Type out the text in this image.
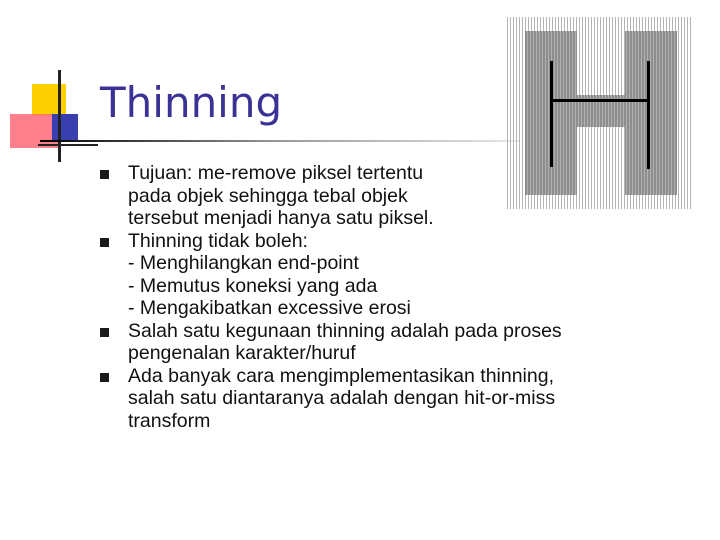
Thinning
Tujuan: me-remove piksel tertentu
pada objek sehingga tebal objek
tersebut menjadi hanya satu piksel.
Thinning tidak boleh:
- Menghilangkan end-point
- Memutus koneksi yang ada
- Mengakibatkan excessive erosi
Salah satu kegunaan thinning adalah pada proses
pengenalan karakter/huruf
Ada banyak cara mengimplementasikan thinning,
salah satu diantaranya adalah dengan hit-or-miss
transform
